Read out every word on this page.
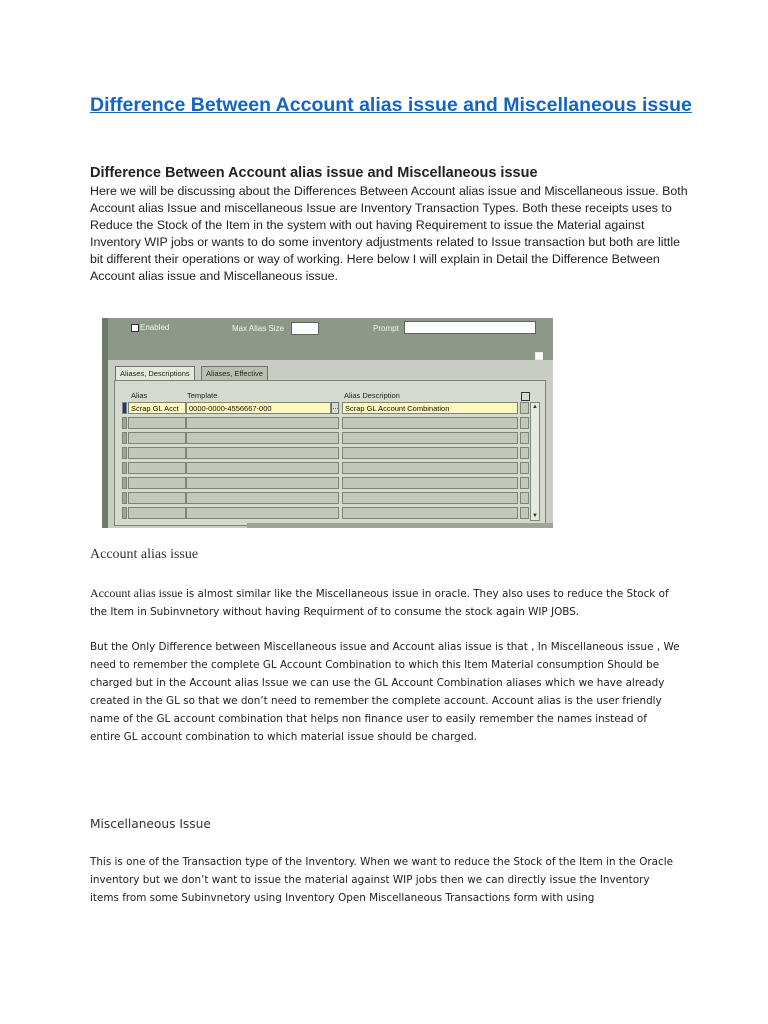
Difference Between Account alias issue and Miscellaneous issue
Difference Between Account alias issue and Miscellaneous issue

Here we will be discussing about the Differences Between Account alias issue and Miscellaneous issue. Both Account alias Issue and miscellaneous Issue are Inventory Transaction Types. Both these receipts uses to Reduce the Stock of the Item in the system with out having Requirement to issue the Material against Inventory WIP jobs or wants to do some inventory adjustments related to Issue transaction but both are little bit different their operations or way of working. Here below I will explain in Detail the Difference Between Account alias issue and Miscellaneous issue.

Enabled	Max Alias Size	Prompt
Aliases, Descriptions	Aliases, Effective
Alias	Template	Alias Description
Scrap GL Acct	0000-0000-4556667-000	… Scrap GL Account Combination	▲
▼
Account alias issue

Account alias issue is almost similar like the Miscellaneous issue in oracle. They also uses to reduce the Stock of the Item in Subinvnetory without having Requirment of to consume the stock again WIP JOBS.

But the Only Difference between Miscellaneous issue and Account alias issue is that , In Miscellaneous issue , We need to remember the complete GL Account Combination to which this Item Material consumption Should be charged but in the Account alias Issue we can use the GL Account Combination aliases which we have already created in the GL so that we don’t need to remember the complete account. Account alias is the user friendly name of the GL account combination that helps non finance user to easily remember the names instead of entire GL account combination to which material issue should be charged.

Miscellaneous Issue

This is one of the Transaction type of the Inventory. When we want to reduce the Stock of the Item in the Oracle inventory but we don’t want to issue the material against WIP jobs then we can directly issue the Inventory items from some Subinvnetory using Inventory Open Miscellaneous Transactions form with using
